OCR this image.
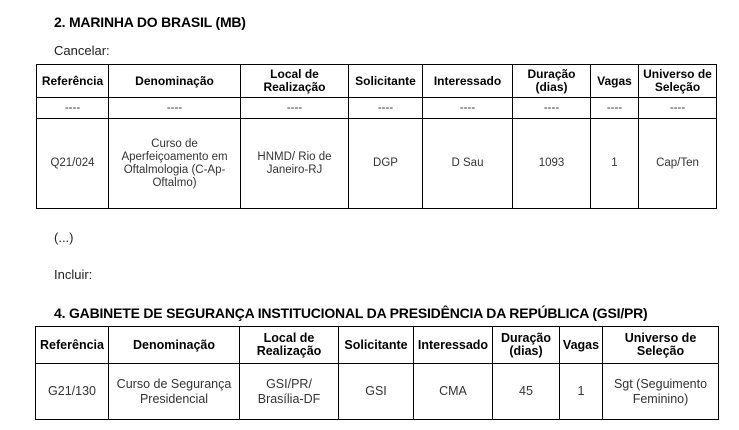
2. MARINHA DO BRASIL (MB)
Cancelar:
Referência	Denominação	Local de Realização	Solicitante	Interessado	Duração (dias)	Vagas	Universo de Seleção
----	----	----	----	----	----	----	----
Q21/024	Curso de Aperfeiçoamento em Oftalmologia (C-Ap-Oftalmo)	HNMD/ Rio de Janeiro-RJ	DGP	D Sau	1093	1	Cap/Ten
(...)
Incluir:
4. GABINETE DE SEGURANÇA INSTITUCIONAL DA PRESIDÊNCIA DA REPÚBLICA (GSI/PR)
Referência	Denominação	Local de Realização	Solicitante	Interessado	Duração (dias)	Vagas	Universo de Seleção
G21/130	Curso de Segurança Presidencial	GSI/PR/ Brasília-DF	GSI	CMA	45	1	Sgt (Seguimento Feminino)
